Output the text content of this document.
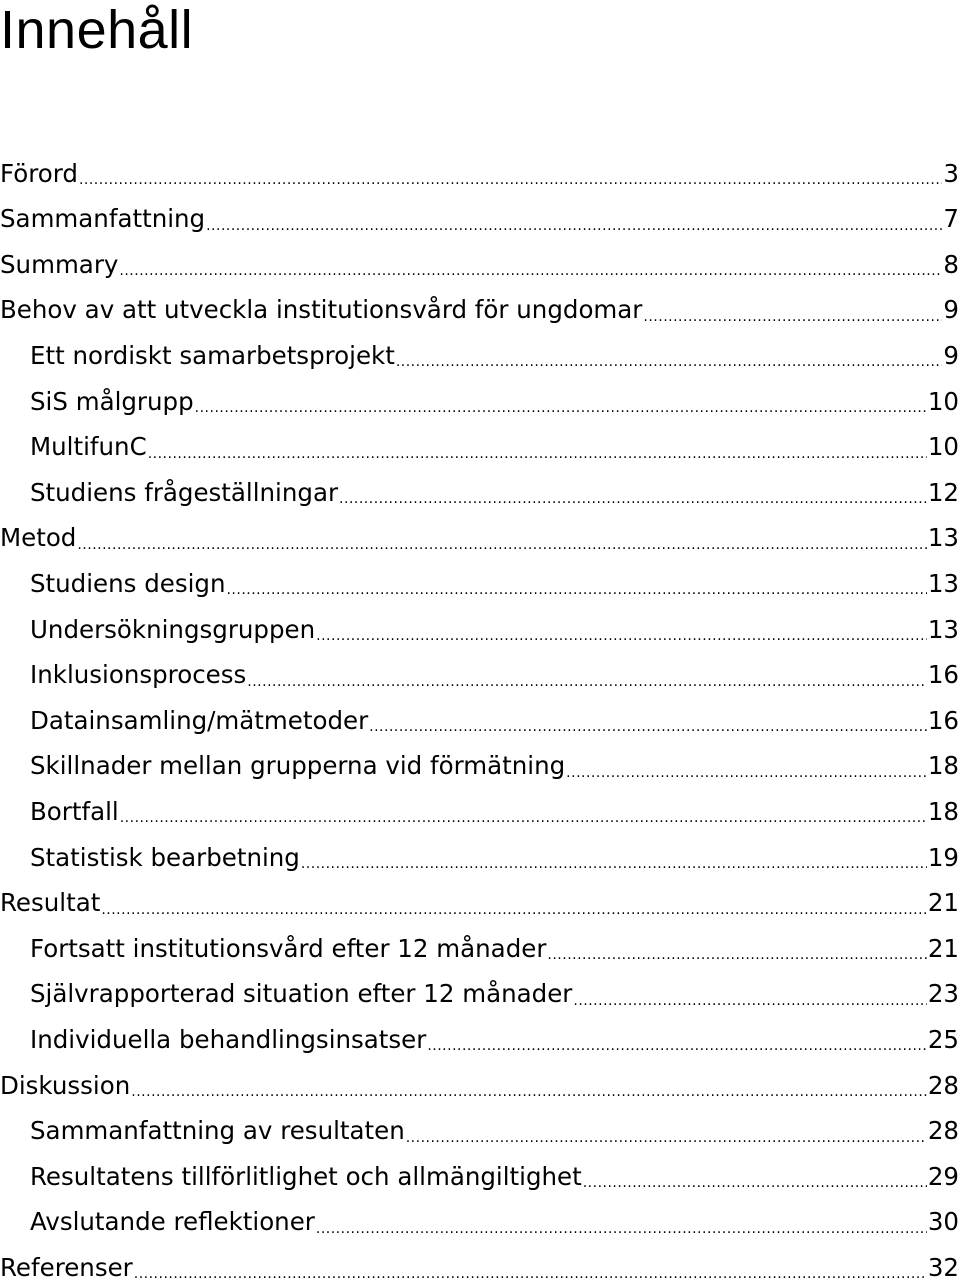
Innehåll
Förord .....	3
Sammanfattning .....	7
Summary .....	8
Behov av att utveckla institutionsvård för ungdomar .....	9
Ett nordiskt samarbetsprojekt .....	9
SiS målgrupp .....	10
MultifunC .....	10
Studiens frågeställningar .....	12
Metod .....	13
Studiens design .....	13
Undersökningsgruppen .....	13
Inklusionsprocess .....	16
Datainsamling/mätmetoder .....	16
Skillnader mellan grupperna vid förmätning .....	18
Bortfall .....	18
Statistisk bearbetning .....	19
Resultat .....	21
Fortsatt institutionsvård efter 12 månader .....	21
Självrapporterad situation efter 12 månader .....	23
Individuella behandlingsinsatser .....	25
Diskussion .....	28
Sammanfattning av resultaten .....	28
Resultatens tillförlitlighet och allmängiltighet .....	29
Avslutande reflektioner .....	30
Referenser .....	32
